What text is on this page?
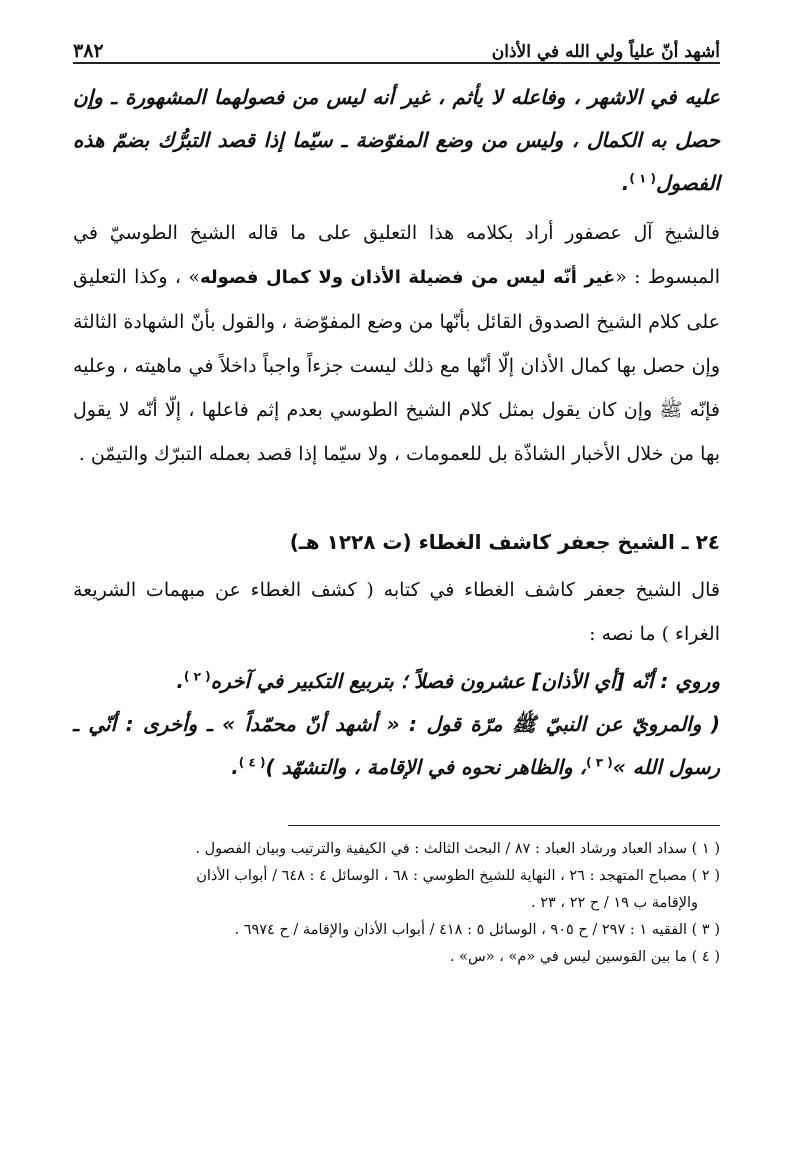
أشهد أنّ علياً ولي الله في الأذان
٣٨٢
عليه في الاشهر ، وفاعله لا يأثم ، غير أنه ليس من فصولهما المشهورة ـ وإن حصل به الكمال ، وليس من وضع المفوّضة ـ سيّما إذا قصد التبرُّك بضمّ هذه الفصول$^{( ١ )}$.

فالشيخ آل عصفور أراد بكلامه هذا التعليق على ما قاله الشيخ الطوسيّ في المبسوط : «غير أنّه ليس من فضيلة الأذان ولا كمال فصوله» ، وكذا التعليق على كلام الشيخ الصدوق القائل بأنّها من وضع المفوّضة ، والقول بأنّ الشهادة الثالثة وإن حصل بها كمال الأذان إلّا أنّها مع ذلك ليست جزءاً واجباً داخلاً في ماهيته ، وعليه فإنّه ﷺ وإن كان يقول بمثل كلام الشيخ الطوسي بعدم إثم فاعلها ، إلّا أنّه لا يقول بها من خلال الأخبار الشاذّة بل للعمومات ، ولا سيّما إذا قصد بعمله التبرّك والتيمّن .

٢٤ ـ الشيخ جعفر كاشف الغطاء (ت ١٢٢٨ هـ)

قال الشيخ جعفر كاشف الغطاء في كتابه ( كشف الغطاء عن مبهمات الشريعة الغراء ) ما نصه :

وروي : أنّه [أي الأذان] عشرون فصلاً ؛ بتربيع التكبير في آخره$^{( ٢ )}$.
( والمرويّ عن النبيّ ﷺ مرّة قول : « أشهد أنّ محمّداً » ـ وأخرى : أنّي ـ رسول الله »$^{( ٣ )}$، والظاهر نحوه في الإقامة ، والتشهّد )$^{( ٤ )}$.

( ١ ) سداد العباد ورشاد العباد : ٨٧ / البحث الثالث : في الكيفية والترتيب وبيان الفصول .

( ٢ ) مصباح المتهجد : ٢٦ ، النهاية للشيخ الطوسي : ٦٨ ، الوسائل ٤ : ٦٤٨ / أبواب الأذان

والإقامة ب ١٩ / ح ٢٢ ، ٢٣ .

( ٣ ) الفقيه ١ : ٢٩٧ / ح ٩٠٥ ، الوسائل ٥ : ٤١٨ / أبواب الأذان والإقامة / ح ٦٩٧٤ .

( ٤ ) ما بين القوسين ليس في «م» ، «س» .
